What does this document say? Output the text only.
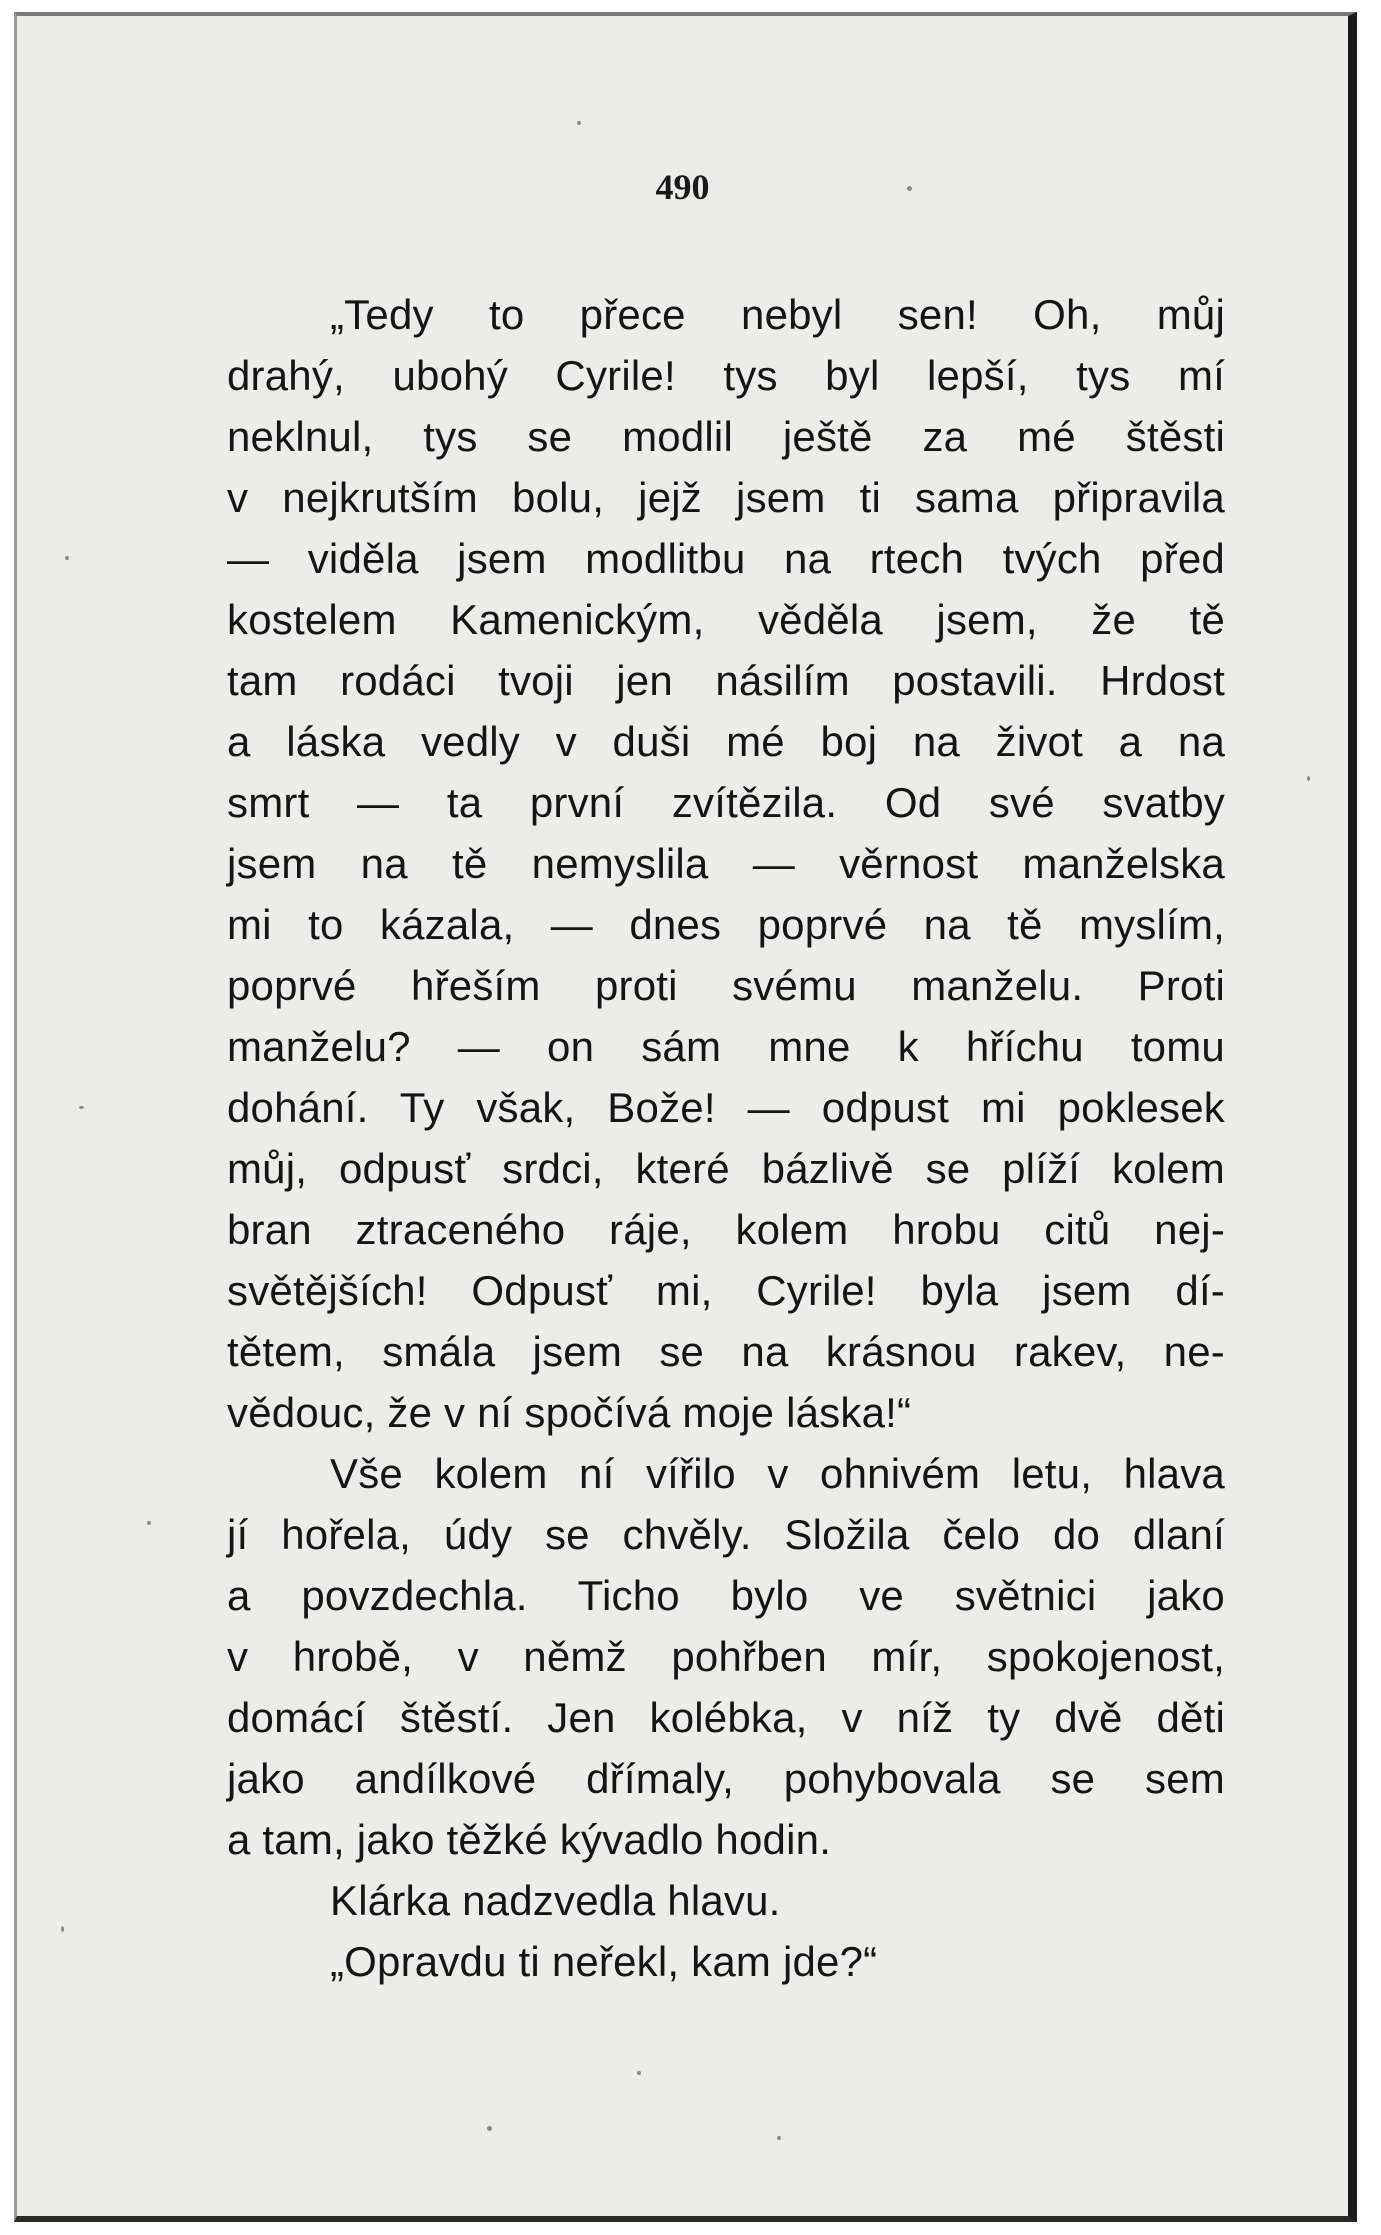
490
„Tedy to přece nebyl sen! Oh, můj
drahý, ubohý Cyrile! tys byl lepší, tys mí
neklnul, tys se modlil ještě za mé štěsti
v nejkrutším bolu, jejž jsem ti sama připravila
— viděla jsem modlitbu na rtech tvých před
kostelem Kamenickým, věděla jsem, že tě
tam rodáci tvoji jen násilím postavili. Hrdost
a láska vedly v duši mé boj na život a na
smrt — ta první zvítězila. Od své svatby
jsem na tě nemyslila — věrnost manželska
mi to kázala, — dnes poprvé na tě myslím,
poprvé hřeším proti svému manželu. Proti
manželu? — on sám mne k hříchu tomu
dohání. Ty však, Bože! — odpust mi poklesek
můj, odpusť srdci, které bázlivě se plíží kolem
bran ztraceného ráje, kolem hrobu citů nej-
světějších! Odpusť mi, Cyrile! byla jsem dí-
tětem, smála jsem se na krásnou rakev, ne-
vědouc, že v ní spočívá moje láska!“
Vše kolem ní vířilo v ohnivém letu, hlava
jí hořela, údy se chvěly. Složila čelo do dlaní
a povzdechla. Ticho bylo ve světnici jako
v hrobě, v němž pohřben mír, spokojenost,
domácí štěstí. Jen kolébka, v níž ty dvě děti
jako andílkové dřímaly, pohybovala se sem
a tam, jako těžké kývadlo hodin.
Klárka nadzvedla hlavu.
„Opravdu ti neřekl, kam jde?“
